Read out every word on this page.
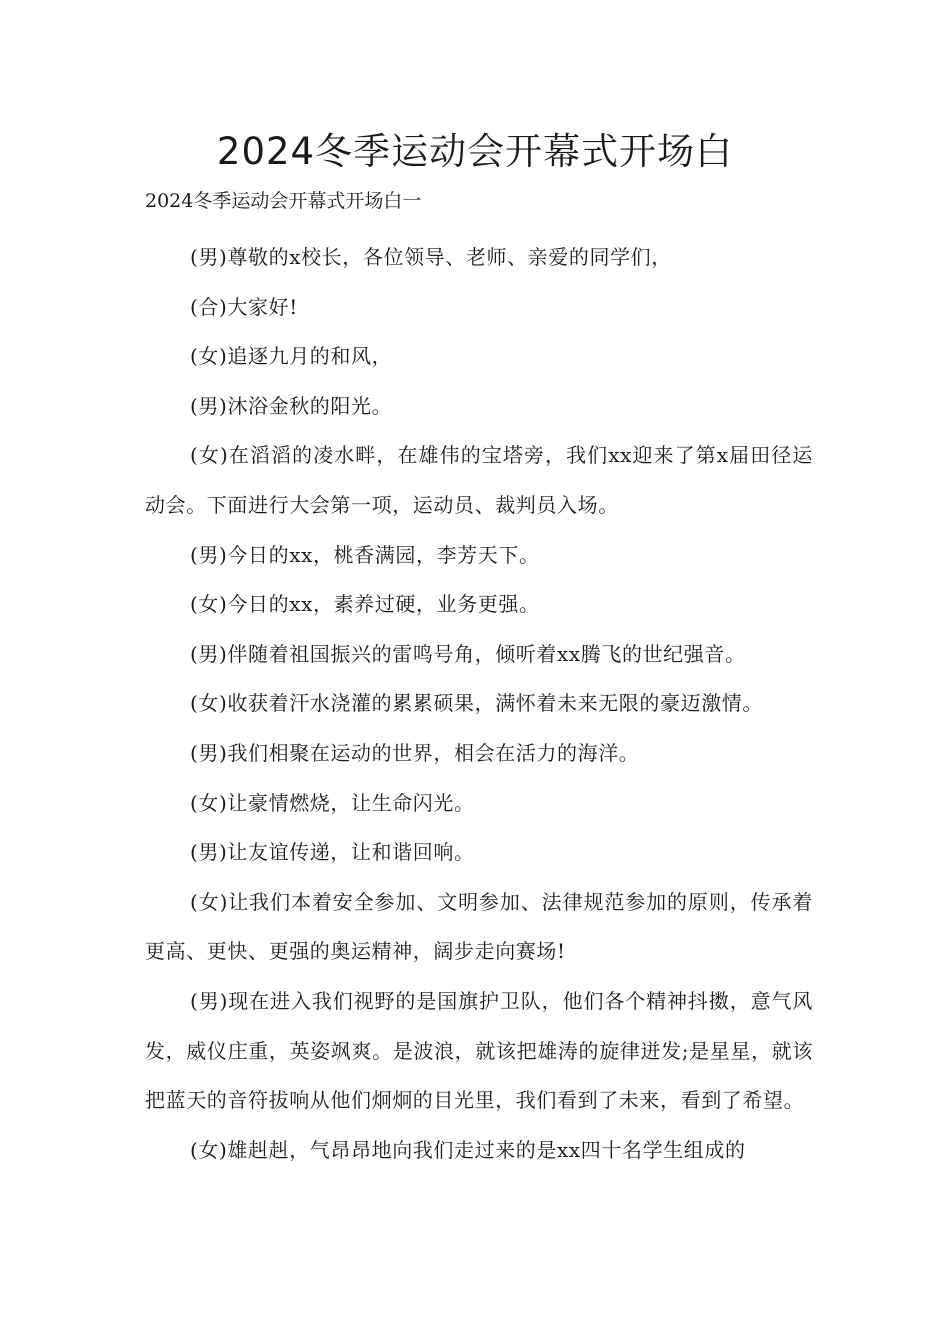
2024冬季运动会开幕式开场白

2024冬季运动会开幕式开场白一

(男)尊敬的x校长，各位领导、老师、亲爱的同学们，

(合)大家好!

(女)追逐九月的和风，

(男)沐浴金秋的阳光。

(女)在滔滔的凌水畔，在雄伟的宝塔旁，我们xx迎来了第x届田径运动会。下面进行大会第一项，运动员、裁判员入场。

(男)今日的xx，桃香满园，李芳天下。

(女)今日的xx，素养过硬，业务更强。

(男)伴随着祖国振兴的雷鸣号角，倾听着xx腾飞的世纪强音。

(女)收获着汗水浇灌的累累硕果，满怀着未来无限的豪迈激情。

(男)我们相聚在运动的世界，相会在活力的海洋。

(女)让豪情燃烧，让生命闪光。

(男)让友谊传递，让和谐回响。

(女)让我们本着安全参加、文明参加、法律规范参加的原则，传承着更高、更快、更强的奥运精神，阔步走向赛场!

(男)现在进入我们视野的是国旗护卫队，他们各个精神抖擞，意气风发，威仪庄重，英姿飒爽。是波浪，就该把雄涛的旋律迸发;是星星，就该把蓝天的音符拔响从他们炯炯的目光里，我们看到了未来，看到了希望。

(女)雄赳赳，气昂昂地向我们走过来的是xx四十名学生组成的
